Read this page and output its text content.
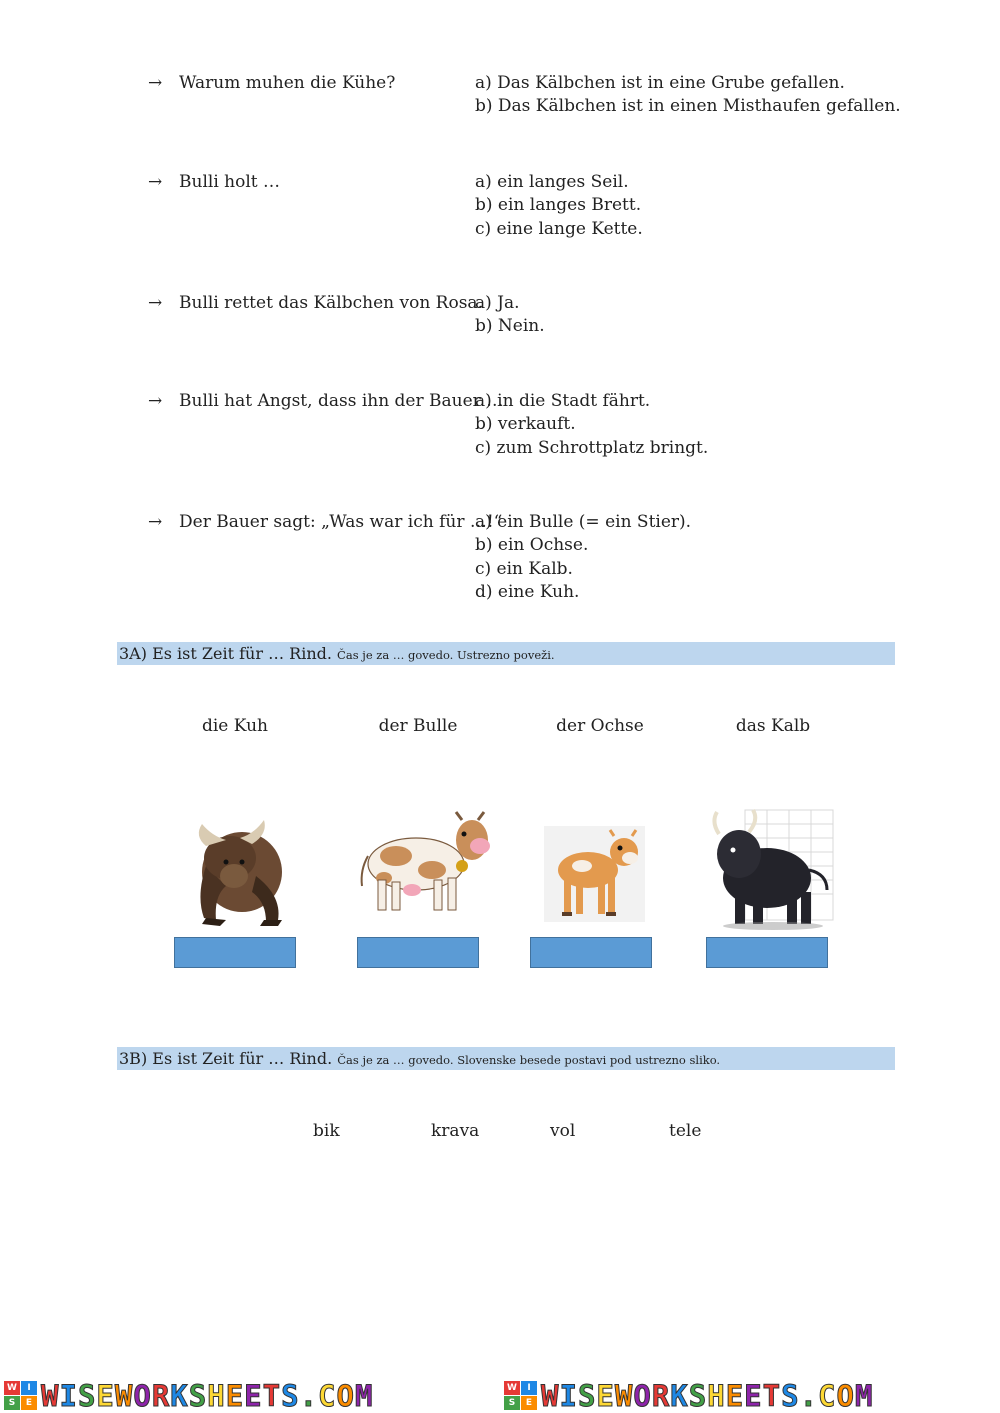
→ Warum muhen die Kühe?	a) Das Kälbchen ist in eine Grube gefallen.
b) Das Kälbchen ist in einen Misthaufen gefallen.
→ Bulli holt …	a) ein langes Seil.
b) ein langes Brett.
c) eine lange Kette.
→ Bulli rettet das Kälbchen von Rosa.
a) Ja.
b) Nein.
→ Bulli hat Angst, dass ihn der Bauer …
a) in die Stadt fährt.
b) verkauft.
c) zum Schrottplatz bringt.
→ Der Bauer sagt: „Was war ich für …!“
a) ein Bulle (= ein Stier).
b) ein Ochse.
c) ein Kalb.
d) eine Kuh.
3A) Es ist Zeit für … Rind. Čas je za … govedo. Ustrezno poveži.
die Kuh	der Bulle	der Ochse	das Kalb
3B) Es ist Zeit für … Rind. Čas je za … govedo. Slovenske besede postavi pod ustrezno sliko.
bik	krava	vol	tele
W	I
S	E WISEWORKSHEETS.COM	W	I
S	E WISEWORKSHEETS.COM
